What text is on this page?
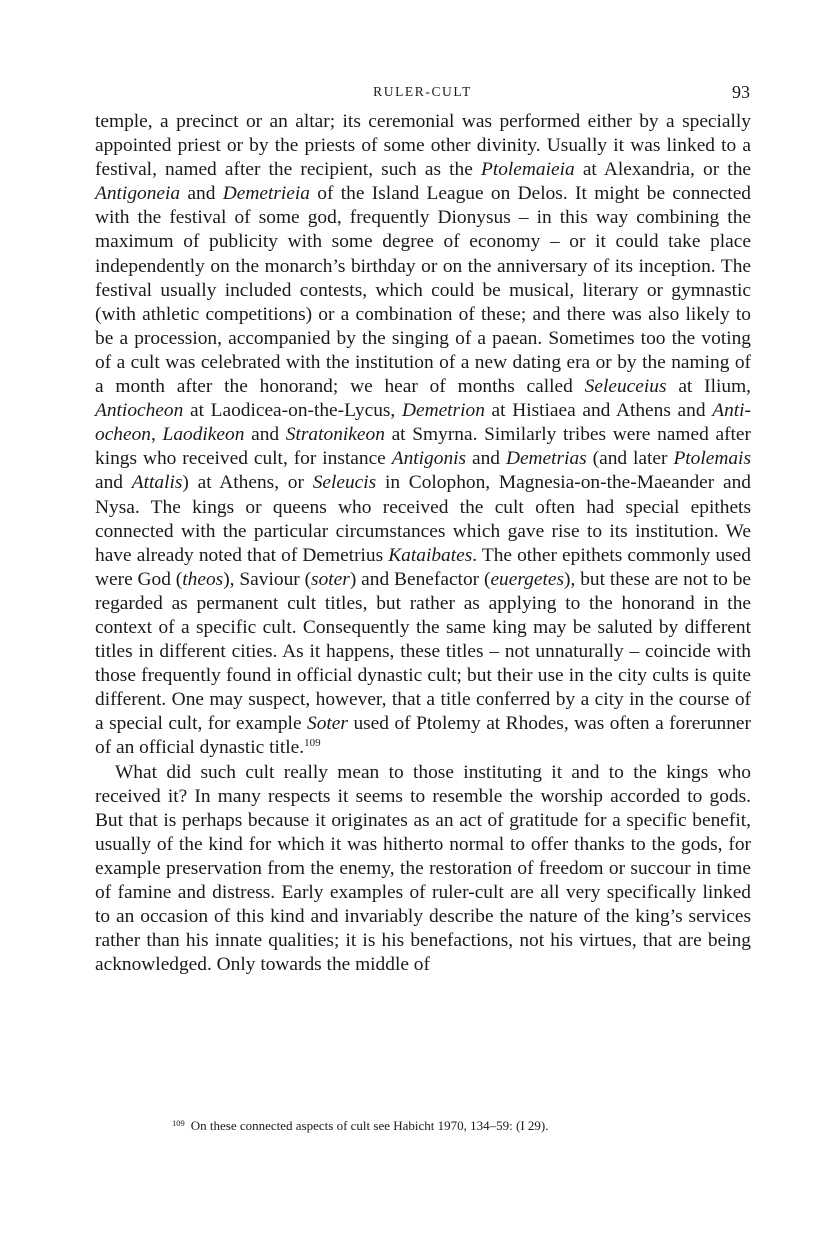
RULER-CULT	93

temple, a precinct or an altar; its ceremonial was performed either by a specially appointed priest or by the priests of some other divinity. Usually it was linked to a festival, named after the recipient, such as the Ptolemaieia at Alexandria, or the Antigoneia and Demetrieia of the Island League on Delos. It might be connected with the festival of some god, frequently Dionysus – in this way combining the maximum of publicity with some degree of economy – or it could take place independently on the monarch’s birthday or on the anniversary of its inception. The festival usually included contests, which could be musical, literary or gymnastic (with athletic competitions) or a combination of these; and there was also likely to be a procession, accompanied by the singing of a paean. Sometimes too the voting of a cult was celebrated with the institution of a new dating era or by the naming of a month after the honorand; we hear of months called Seleuceius at Ilium, Antiocheon at Laodicea-on-the-Lycus, Demetrion at Histiaea and Athens and Antiocheon, Laodikeon and Stratonikeon at Smyrna. Similarly tribes were named after kings who received cult, for instance Antigonis and Demetrias (and later Ptolemais and Attalis) at Athens, or Seleucis in Colophon, Magnesia-on-the-Maeander and Nysa. The kings or queens who received the cult often had special epithets connected with the particular circumstances which gave rise to its institution. We have already noted that of Demetrius Kataibates. The other epithets commonly used were God (theos), Saviour (soter) and Benefactor (euergetes), but these are not to be regarded as permanent cult titles, but rather as applying to the honorand in the context of a specific cult. Consequently the same king may be saluted by different titles in different cities. As it happens, these titles – not unnaturally – coincide with those frequently found in official dynastic cult; but their use in the city cults is quite different. One may suspect, however, that a title conferred by a city in the course of a special cult, for example Soter used of Ptolemy at Rhodes, was often a forerunner of an official dynastic title.$^{109}$

What did such cult really mean to those instituting it and to the kings who received it? In many respects it seems to resemble the worship accorded to gods. But that is perhaps because it originates as an act of gratitude for a specific benefit, usually of the kind for which it was hitherto normal to offer thanks to the gods, for example preservation from the enemy, the restoration of freedom or succour in time of famine and distress. Early examples of ruler-cult are all very specifically linked to an occasion of this kind and invariably describe the nature of the king’s services rather than his innate qualities; it is his benefactions, not his virtues, that are being acknowledged. Only towards the middle of

$^{109}$ On these connected aspects of cult see Habicht 1970, 134–59: (I 29).
